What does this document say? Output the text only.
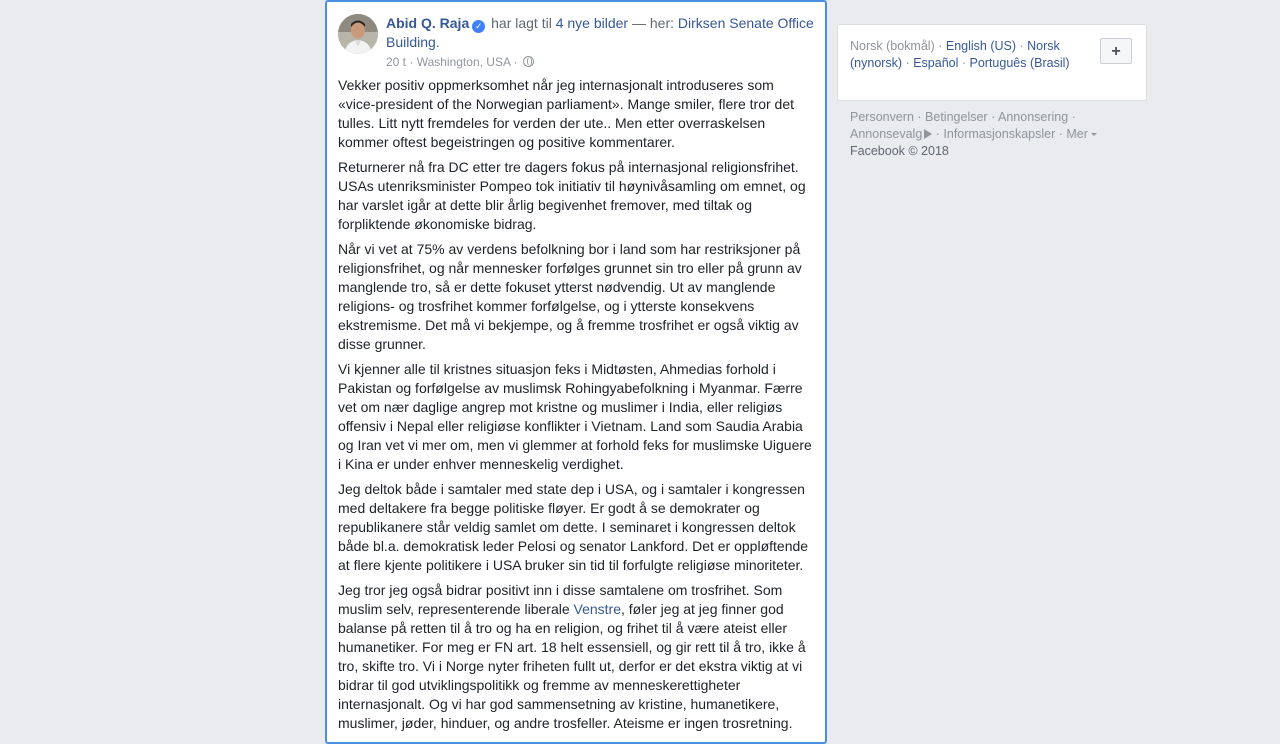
Abid Q. Raja ✓ har lagt til 4 nye bilder — her: Dirksen Senate Office Building.
20 t · Washington, USA ·

Vekker positiv oppmerksomhet når jeg internasjonalt introduseres som «vice-president of the Norwegian parliament». Mange smiler, flere tror det tulles. Litt nytt fremdeles for verden der ute.. Men etter overraskelsen kommer oftest begeistringen og positive kommentarer.

Returnerer nå fra DC etter tre dagers fokus på internasjonal religionsfrihet. USAs utenriksminister Pompeo tok initiativ til høynivåsamling om emnet, og har varslet igår at dette blir årlig begivenhet fremover, med tiltak og forpliktende økonomiske bidrag.

Når vi vet at 75% av verdens befolkning bor i land som har restriksjoner på religionsfrihet, og når mennesker forfølges grunnet sin tro eller på grunn av manglende tro, så er dette fokuset ytterst nødvendig. Ut av manglende religions- og trosfrihet kommer forfølgelse, og i ytterste konsekvens ekstremisme. Det må vi bekjempe, og å fremme trosfrihet er også viktig av disse grunner.

Vi kjenner alle til kristnes situasjon feks i Midtøsten, Ahmedias forhold i Pakistan og forfølgelse av muslimsk Rohingyabefolkning i Myanmar. Færre vet om nær daglige angrep mot kristne og muslimer i India, eller religiøs offensiv i Nepal eller religiøse konflikter i Vietnam. Land som Saudia Arabia og Iran vet vi mer om, men vi glemmer at forhold feks for muslimske Uiguere i Kina er under enhver menneskelig verdighet.

Jeg deltok både i samtaler med state dep i USA, og i samtaler i kongressen med deltakere fra begge politiske fløyer. Er godt å se demokrater og republikanere står veldig samlet om dette. I seminaret i kongressen deltok både bl.a. demokratisk leder Pelosi og senator Lankford. Det er oppløftende at flere kjente politikere i USA bruker sin tid til forfulgte religiøse minoriteter.

Jeg tror jeg også bidrar positivt inn i disse samtalene om trosfrihet. Som muslim selv, representerende liberale Venstre, føler jeg at jeg finner god balanse på retten til å tro og ha en religion, og frihet til å være ateist eller humanetiker. For meg er FN art. 18 helt essensiell, og gir rett til å tro, ikke å tro, skifte tro. Vi i Norge nyter friheten fullt ut, derfor er det ekstra viktig at vi bidrar til god utviklingspolitikk og fremme av menneskerettigheter internasjonalt. Og vi har god sammensetning av kristine, humanetikere, muslimer, jøder, hinduer, og andre trosfeller. Ateisme er ingen trosretning.

Norsk (bokmål) · English (US) · Norsk (nynorsk) · Español · Português (Brasil)
+
Personvern · Betingelser · Annonsering ·
Annonsevalg · Informasjonskapsler · Mer
Facebook © 2018
